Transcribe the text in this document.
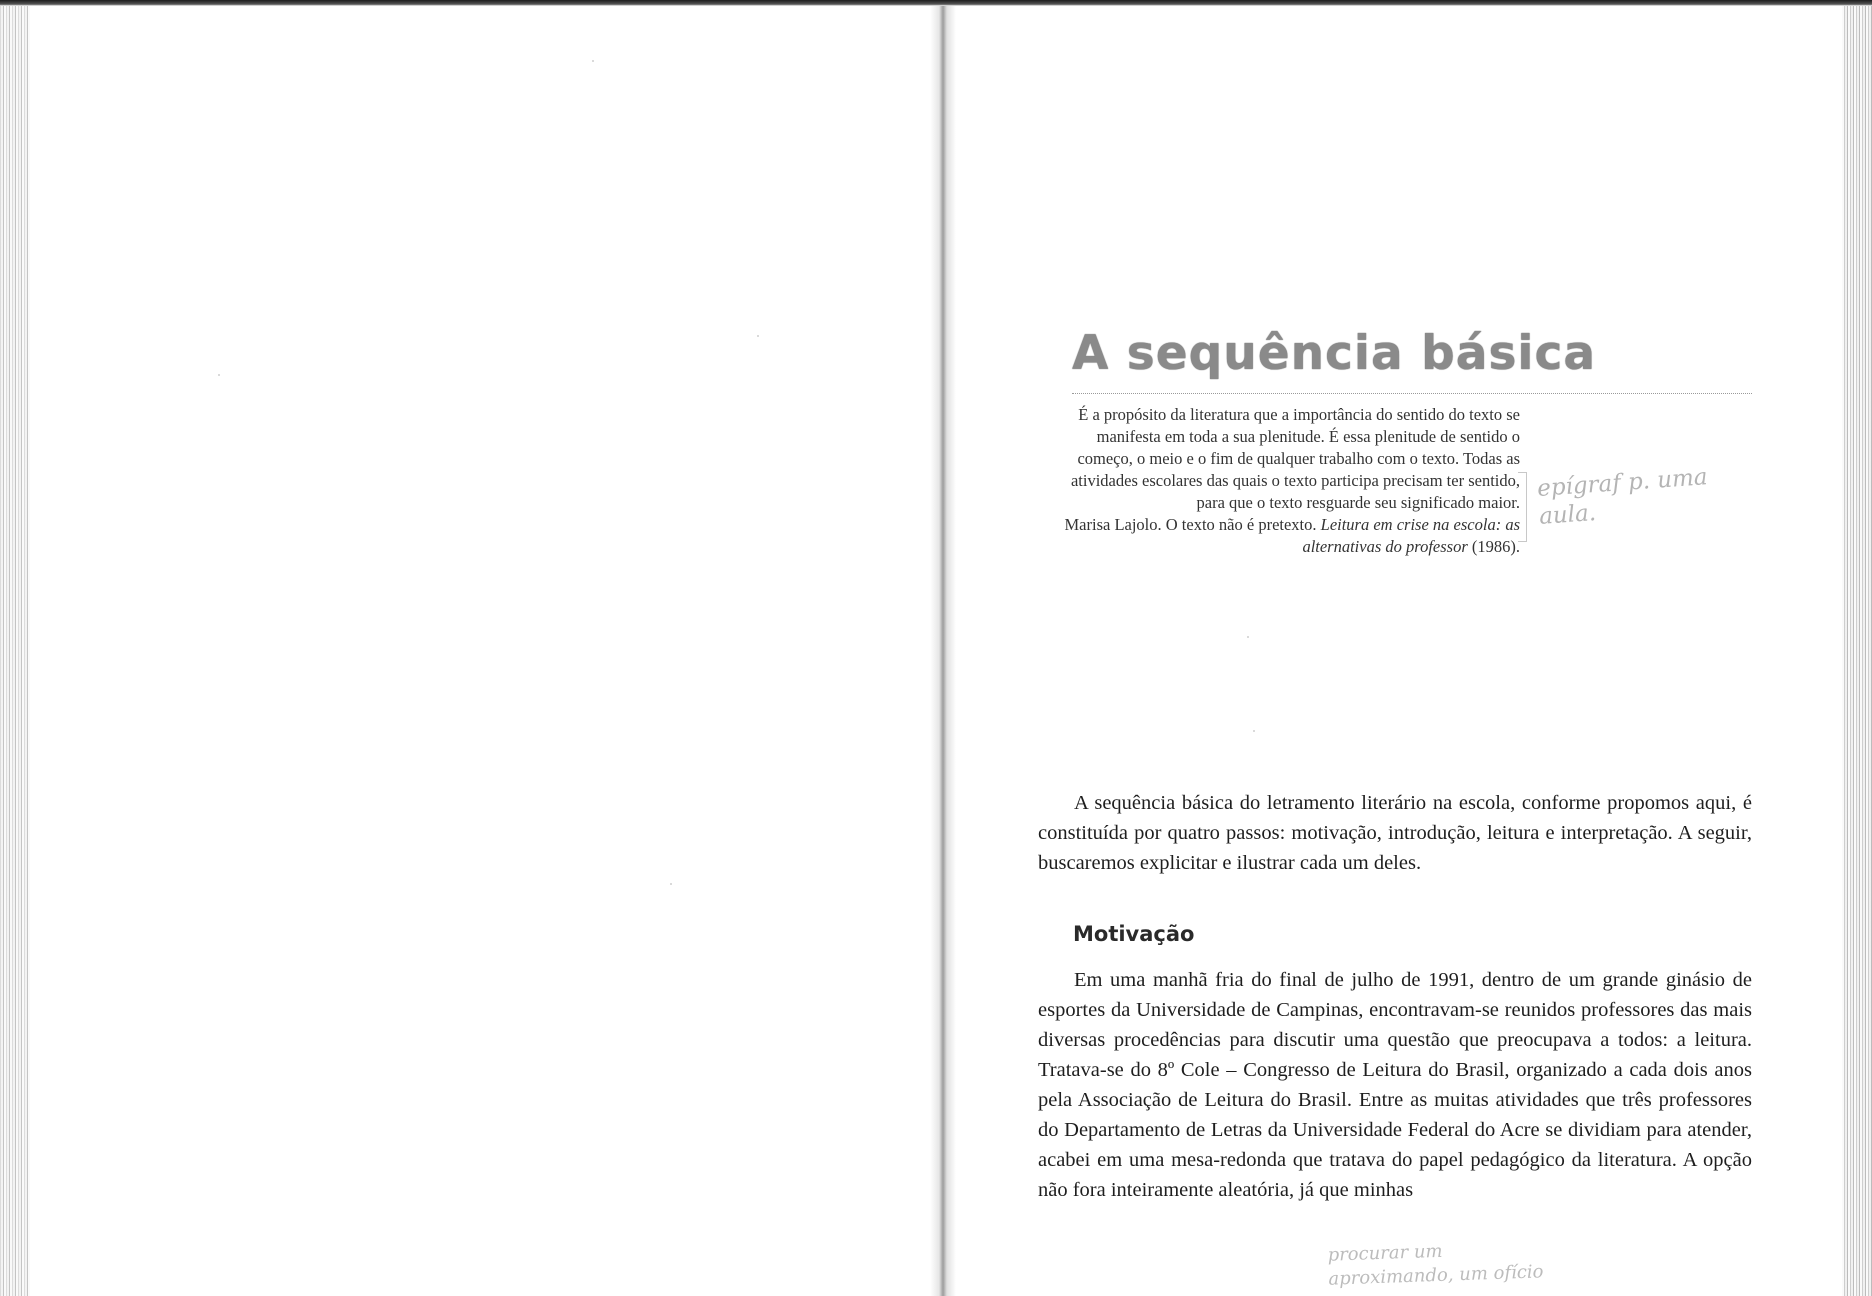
A sequência básica

É a propósito da literatura que a importância do sentido do texto se manifesta em toda a sua plenitude. É essa plenitude de sentido o começo, o meio e o fim de qualquer trabalho com o texto. Todas as atividades escolares das quais o texto participa precisam ter sentido, para que o texto resguarde seu significado maior.

Marisa Lajolo. O texto não é pretexto. Leitura em crise na escola: as alternativas do professor (1986).

epígraf p. uma aula.

A sequência básica do letramento literário na escola, conforme propomos aqui, é constituída por quatro passos: motivação, introdução, leitura e interpretação. A seguir, buscaremos explicitar e ilustrar cada um deles.

Motivação

Em uma manhã fria do final de julho de 1991, dentro de um grande ginásio de esportes da Universidade de Campinas, encontravam-se reunidos professores das mais diversas procedências para discutir uma questão que preocupava a todos: a leitura. Tratava-se do 8º Cole – Congresso de Leitura do Brasil, organizado a cada dois anos pela Associação de Leitura do Brasil. Entre as muitas atividades que três professores do Departamento de Letras da Universidade Federal do Acre se dividiam para atender, acabei em uma mesa-redonda que tratava do papel pedagógico da literatura. A opção não fora inteiramente aleatória, já que minhas

procurar um
aproximando, um ofício
